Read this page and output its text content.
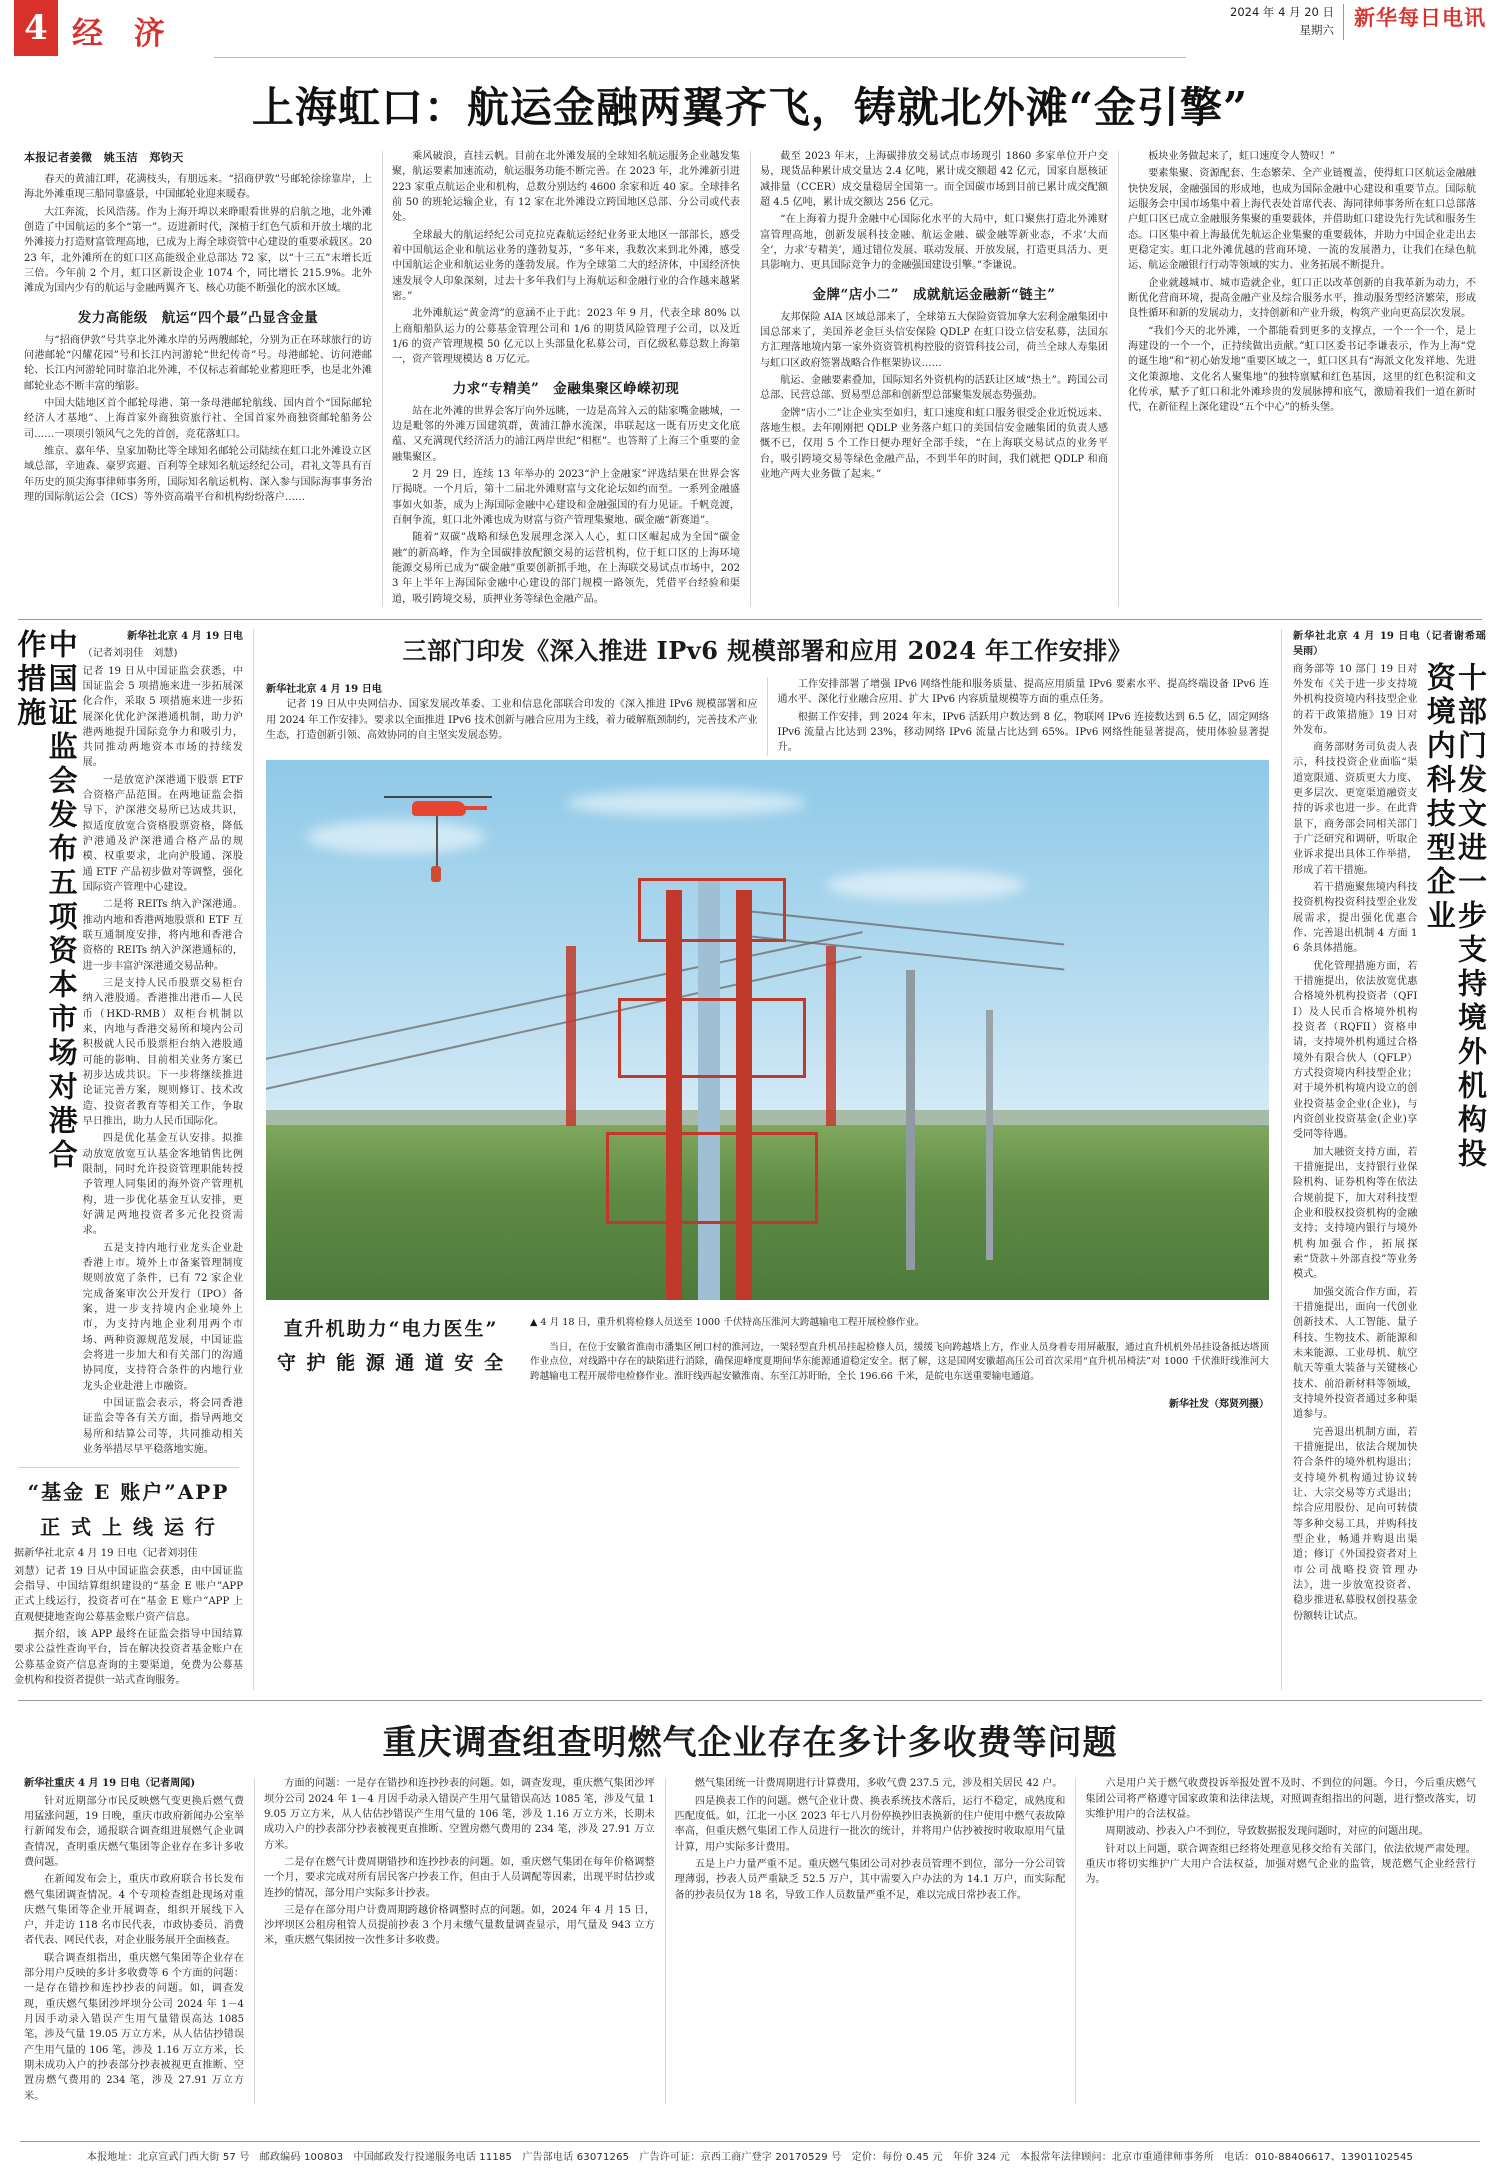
4 经 济
2024 年 4 月 20 日
星期六 新华每日电讯
上海虹口：航运金融两翼齐飞，铸就北外滩“金引擎”
本报记者姜微　姚玉洁　郑钧天

春天的黄浦江畔，花满枝头，有朋远来。“招商伊敦”号邮轮徐徐靠岸，上海北外滩重现三船同靠盛景，中国邮轮业迎来暖春。

大江奔流，长风浩荡。作为上海开埠以来睁眼看世界的启航之地，北外滩创造了中国航运的多个“第一”。迈进新时代，深植于红色气质和开放土壤的北外滩接力打造财富管理高地，已成为上海全球资管中心建设的重要承载区。2023 年，北外滩所在的虹口区高能级企业总部达 72 家，以“十三五”末增长近三倍。今年前 2 个月，虹口区新设企业 1074 个，同比增长 215.9%。北外滩成为国内少有的航运与金融两翼齐飞、核心功能不断强化的滨水区域。

发力高能级　航运“四个最”凸显含金量

与“招商伊敦”号共享北外滩水岸的另两艘邮轮，分别为正在环球旅行的访问港邮轮“闪耀花园”号和长江内河游轮“世纪传奇”号。母港邮轮、访问港邮轮、长江内河游轮同时靠泊北外滩，不仅标志着邮轮业蓄迎旺季，也是北外滩邮轮业态不断丰富的缩影。

中国大陆地区首个邮轮母港、第一条母港邮轮航线、国内首个“国际邮轮经济人才基地”、上海首家外商独资旅行社、全国首家外商独资邮轮船务公司……一项项引领风气之先的首创，竞花落虹口。

维京、嘉年华、皇家加勒比等全球知名邮轮公司陆续在虹口北外滩设立区域总部，辛迪森、豪罗宾避、百利等全球知名航运经纪公司，君礼文等具有百年历史的顶尖海事律师事务所，国际知名航运机构、深入参与国际海事事务治理的国际航运公会（ICS）等外资高端平台和机构纷纷落户……

乘风破浪，直挂云帆。目前在北外滩发展的全球知名航运服务企业越发集聚，航运要素加速流动，航运服务功能不断完善。在 2023 年，北外滩新引进 223 家重点航运企业和机构，总数分别达约 4600 余家和近 40 家。全球排名前 50 的班轮运输企业，有 12 家在北外滩设立跨国地区总部、分公司或代表处。

全球最大的航运经纪公司克拉克森航运经纪业务亚太地区一部部长，感受着中国航运企业和航运业务的蓬勃复苏，“多年来，我数次来到北外滩，感受中国航运企业和航运业务的蓬勃发展。作为全球第二大的经济体，中国经济快速发展令人印象深刻，过去十多年我们与上海航运和金融行业的合作越来越紧密。”

北外滩航运“黄金湾”的意涵不止于此：2023 年 9 月，代表全球 80% 以上商船船队运力的公募基金管理公司和 1/6 的期货风险管理子公司，以及近 1/6 的资产管理规模 50 亿元以上头部量化私募公司，百亿级私募总数上海第一，资产管理规模达 8 万亿元。

力求“专精美”　金融集聚区峥嵘初现

站在北外滩的世界会客厅向外远眺，一边是高耸入云的陆家嘴金融城，一边是毗邻的外滩万国建筑群，黄浦江静水流深，串联起这一既有历史文化底蕴、又充满现代经济活力的浦江两岸世纪“相框”。也答辩了上海三个重要的金融集聚区。

2 月 29 日，连续 13 年举办的 2023“沪上金融家”评选结果在世界会客厅揭晓。一个月后，第十二届北外滩财富与文化论坛如约而至。一系列金融盛事如火如荼，成为上海国际金融中心建设和金融强国的有力见证。千帆竞渡，百舸争流，虹口北外滩也成为财富与资产管理集聚地、碳金融“新赛道”。

随着“双碳”战略和绿色发展理念深入人心，虹口区崛起成为全国“碳金融”的新高峰，作为全国碳排放配额交易的运营机构，位于虹口区的上海环境能源交易所已成为“碳金融”重要创新抓手地，在上海联交易试点市场中，2023 年上半年上海国际金融中心建设的部门规模一路领先，凭借平台经验和渠道，吸引跨境交易，质押业务等绿色金融产品。

截至 2023 年末，上海碳排放交易试点市场现引 1860 多家单位开户交易，现货品种累计成交量达 2.4 亿吨，累计成交额超 42 亿元，国家自愿核证减排量（CCER）成交量稳居全国第一。而全国碳市场到目前已累计成交配额超 4.5 亿吨，累计成交额达 256 亿元。

“在上海着力提升金融中心国际化水平的大局中，虹口聚焦打造北外滩财富管理高地，创新发展科技金融、航运金融、碳金融等新业态，不求‘大而全’，力求‘专精美’，通过错位发展、联动发展、开放发展，打造更具活力、更具影响力、更具国际竞争力的金融强国建设引擎。”李谦说。

金牌“店小二”　成就航运金融新“链主”

友邦保险 AIA 区域总部来了，全球第五大保险资管加拿大宏利金融集团中国总部来了，美国养老金巨头信安保险 QDLP 在虹口设立信安私募，法国东方汇理落地境内第一家外资资管机构控股的资管科技公司，荷兰全球人寿集团与虹口区政府签署战略合作框架协议……

航运、金融要素叠加，国际知名外资机构的活跃让区域“热土”。跨国公司总部、民营总部、贸易型总部和创新型总部聚集发展态势强劲。

金牌“店小二”让企业实至如归，虹口速度和虹口服务很受企业近悦远来、落地生根。去年刚刚把 QDLP 业务落户虹口的美国信安金融集团的负责人感慨不已，仅用 5 个工作日便办理好全部手续，“在上海联交易试点的业务平台，吸引跨境交易等绿色金融产品，不到半年的时间，我们就把 QDLP 和商业地产两大业务做了起来。”

板块业务做起来了，虹口速度令人赞叹！”

要素集聚、资源配套、生态繁荣、全产业链覆盖，使得虹口区航运金融融快快发展，金融强国的形成地，也成为国际金融中心建设和重要节点。国际航运服务会中国市场集中着上海代表处首席代表、海同律师事务所在虹口总部落户虹口区已成立金融服务集聚的重要载体，并借助虹口建设先行先试和服务生态。口区集中着上海最优先航运企业集聚的重要载体，并助力中国企业走出去更稳定实。虹口北外滩优越的营商环境、一流的发展潜力，让我们在绿色航运、航运金融银行行动等领域的实力、业务拓展不断提升。

企业就越城市、城市造就企业，虹口正以改革创新的自我革新为动力，不断优化营商环境，提高金融产业及综合服务水平，推动服务型经济繁荣，形成良性循环和新的发展动力，支持创新和产业升级，构筑产业向更高层次发展。

“我们今天的北外滩，一个都能看到更多的支撑点，一个一个一个，是上海建设的一个一个，正持续做出贡献。”虹口区委书记李谦表示，作为上海“党的诞生地”和“初心始发地”重要区域之一，虹口区具有“海派文化发祥地、先进文化策源地、文化名人聚集地”的独特禀赋和红色基因，这里的红色积淀和文化传承，赋予了虹口和北外滩珍贵的发展脉搏和底气，激励着我们一道在新时代，在新征程上深化建设“五个中心”的桥头堡。

中国证监会发布五项资本市场对港合作措施	新华社北京 4 月 19 日电

（记者刘羽佳　刘慧)

记者 19 日从中国证监会获悉，中国证监会 5 项措施来进一步拓展深化合作，采取 5 项措施来进一步拓展深化优化沪深港通机制，助力沪港两地提升国际竞争力和吸引力，共同推动两地资本市场的持续发展。

一是放宽沪深港通下股票 ETF 合资格产品范围。在两地证监会指导下，沪深港交易所已达成共识，拟适度放宽合资格股票资格，降低沪港通及沪深港通合格产品的规模、权重要求，北向沪股通、深股通 ETF 产品初步做对等调整，强化国际资产管理中心建设。

二是将 REITs 纳入沪深港通。推动内地和香港两地股票和 ETF 互联互通制度安排，将内地和香港合资格的 REITs 纳入沪深港通标的，进一步丰富沪深港通交易品种。

三是支持人民币股票交易柜台纳入港股通。香港推出港币—人民币（HKD-RMB）双柜台机制以来，内地与香港交易所和境内公司积极就人民币股票柜台纳入港股通可能的影响、目前相关业务方案已初步达成共识。下一步将继续推进论证完善方案，规则修订、技术改造、投资者教育等相关工作，争取早日推出，助力人民币国际化。

四是优化基金互认安排。拟推动放宽放宽互认基金客地销售比例限制，同时允许投资管理职能转授予管理人同集团的海外资产管理机构，进一步优化基金互认安排，更好满足两地投资者多元化投资需求。

五是支持内地行业龙头企业赴香港上市。境外上市备案管理制度规则放宽了条件，已有 72 家企业完成备案审次公开发行（IPO）备案，进一步支持境内企业境外上市，为支持内地企业利用两个市场、两种资源规范发展，中国证监会将进一步加大和有关部门的沟通协同度，支持符合条件的内地行业龙头企业赴港上市融资。

中国证监会表示，将会同香港证监会等各有关方面，指导两地交易所和结算公司等，共同推动相关业务举措尽早平稳落地实施。

“基金 E 账户”APP
正 式 上 线 运 行

据新华社北京 4 月 19 日电（记者刘羽佳

刘慧）记者 19 日从中国证监会获悉，由中国证监会指导、中国结算组织建设的“基金 E 账户”APP 正式上线运行，投资者可在“基金 E 账户”APP 上直观便捷地查询公募基金账户资产信息。

据介绍，该 APP 最终在证监会指导中国结算要求公益性查询平台，旨在解决投资者基金账户在公募基金资产信息查询的主要渠道，免费为公募基金机构和投资者提供一站式查询服务。

三部门印发《深入推进 IPv6 规模部署和应用 2024 年工作安排》

新华社北京 4 月 19 日电

记者 19 日从中央网信办、国家发展改革委、工业和信息化部联合印发的《深入推进 IPv6 规模部署和应用 2024 年工作安排》。要求以全面推进 IPv6 技术创新与融合应用为主线，着力破解瓶颈制约，完善技术产业生态，打造创新引领、高效协同的自主坚实发展态势。

工作安排部署了增强 IPv6 网络性能和服务质量、提高应用质量 IPv6 要素水平、提高终端设备 IPv6 连通水平、深化行业融合应用、扩大 IPv6 内容质量规模等方面的重点任务。

根据工作安排，到 2024 年末，IPv6 活跃用户数达到 8 亿，物联网 IPv6 连接数达到 6.5 亿，固定网络 IPv6 流量占比达到 23%，移动网络 IPv6 流量占比达到 65%。IPv6 网络性能显著提高，使用体验显著提升。

直升机助力“电力医生”
守 护 能 源 通 道 安 全

▲ 4 月 18 日，重升机将检修人员送至 1000 千伏特高压淮河大跨越输电工程开展检修作业。

当日，在位于安徽省淮南市潘集区闸口村的淮河边，一架轻型直升机吊挂起检修人员，缓缓飞向跨越塔上方，作业人员身着专用屏蔽服，通过直升机机外吊挂设备抵达塔顶作业点位，对线路中存在的缺陷进行消除，确保迎峰度夏期间华东能源通道稳定安全。据了解，这是国网安徽超高压公司首次采用“直升机吊椅法”对 1000 千伏淮盱线淮河大跨越输电工程开展带电检修作业。淮盱线西起安徽淮南、东至江苏盱眙，全长 196.66 千米，是皖电东送重要输电通道。

新华社发（郑贤列摄）

新华社北京 4 月 19 日电（记者谢希瑶　吴雨）

十部门发文进一步支持境外机构投资境内科技型企业

商务部等 10 部门 19 日对外发布《关于进一步支持境外机构投资境内科技型企业的若干政策措施》19 日对外发布。

商务部财务司负责人表示，科技投资企业面临“渠道宽限通、资质更大力度、更多层次、更宽渠道融资支持的诉求也进一步。在此背景下，商务部会同相关部门于广泛研究和调研，听取企业诉求提出具体工作举措，形成了若干措施。

若干措施聚焦境内科技投资机构投资科技型企业发展需求，提出强化优惠合作、完善退出机制 4 方面 16 条具体措施。

优化管理措施方面，若干措施提出，依法放宽优惠合格境外机构投资者（QFII）及人民币合格境外机构投资者（RQFII）资格申请，支持境外机构通过合格境外有限合伙人（QFLP）方式投资境内科技型企业；对于境外机构境内设立的创业投资基金企业(企业)，与内资创业投资基金(企业)享受同等待遇。

加大融资支持方面，若干措施提出，支持银行业保险机构、证券机构等在依法合规前提下，加大对科技型企业和股权投资机构的金融支持；支持境内银行与境外机构加强合作，拓展探索“贷款＋外部直投”等业务模式。

加强交流合作方面，若干措施提出，面向一代创业创新技术、人工智能、量子科技、生物技术、新能源和未来能源、工业母机、航空航天等重大装备与关键核心技术、前沿新材料等领域，支持境外投资者通过多种渠道参与。

完善退出机制方面，若干措施提出，依法合规加快符合条件的境外机构退出；支持境外机构通过协议转让、大宗交易等方式退出；综合应用股份、足向可转债等多种交易工具，并购科技型企业，畅通并购退出渠道；修订《外国投资者对上市公司战略投资管理办法》，进一步放宽投资者、稳步推进私募股权创投基金份额转让试点。

重庆调查组查明燃气企业存在多计多收费等问题

新华社重庆 4 月 19 日电（记者周闻)

针对近期部分市民反映燃气变更换后燃气费用猛涨问题，19 日晚，重庆市政府新闻办公室举行新闻发布会，通报联合调查组进展燃气企业调查情况，查明重庆燃气集团等企业存在多计多收费问题。

在新闻发布会上，重庆市政府联合书长发布燃气集团调查情况。4 个专项检查组赴现场对重庆燃气集团等企业开展调查，组织开展线下入户，并走访 118 名市民代表，市政协委员、消费者代表、网民代表，对企业服务展开全面核查。

联合调查组指出，重庆燃气集团等企业存在部分用户反映的多计多收费等 6 个方面的问题：一是存在错抄和连抄抄表的问题。如，调查发现，重庆燃气集团沙坪坝分公司 2024 年 1－4 月因手动录入错误产生用气量错误高达 1085 笔，涉及气量 19.05 万立方米，从人估估抄错误产生用气量的 106 笔，涉及 1.16 万立方米，长期未成功入户的抄表部分抄表被视更直推断、空置房燃气费用的 234 笔，涉及 27.91 万立方米。

方面的问题：一是存在错抄和连抄抄表的问题。如，调查发现，重庆燃气集团沙坪坝分公司 2024 年 1－4 月因手动录入错误产生用气量错误高达 1085 笔，涉及气量 19.05 万立方米，从人估估抄错误产生用气量的 106 笔，涉及 1.16 万立方米，长期未成功入户的抄表部分抄表被视更直推断、空置房燃气费用的 234 笔，涉及 27.91 万立方米。

二是存在燃气计费周期错抄和连抄抄表的问题。如，重庆燃气集团在每年价格调整一个月，要求完成对所有居民客户抄表工作，但由于人员调配等因素，出现平时估抄或连抄的情况，部分用户实际多计抄表。

三是存在部分用户计费周期跨越价格调整时点的问题。如，2024 年 4 月 15 日，沙坪坝区公租房租管人员提前抄表 3 个月未缴气量数量调查显示，用气量及 943 立方米，重庆燃气集团按一次性多计多收费。

燃气集团统一计费周期进行计算费用，多收气费 237.5 元，涉及相关居民 42 户。

四是换表工作的问题。燃气企业计费、换表系统技术落后，运行不稳定，成熟度和匹配度低。如，江北一小区 2023 年七八月份停换抄旧表换新的住户使用中燃气表故障率高，但重庆燃气集团工作人员进行一批次的统计，并将用户估抄被按时收取原用气量计算，用户实际多计费用。

五是上户力量严重不足。重庆燃气集团公司对抄表员管理不到位，部分一分公司管理薄弱，抄表人员严重缺乏 52.5 万户，其中需要入户办法的为 14.1 万户，而实际配备的抄表员仅为 18 名，导致工作人员数量严重不足，难以完成日常抄表工作。

六是用户关于燃气收费投诉举报处置不及时、不到位的问题。今日，今后重庆燃气集团公司将严格遵守国家政策和法律法规，对照调查组指出的问题，进行整改落实，切实维护用户的合法权益。

周期波动、抄表入户不到位，导致数据报发现问题时，对应的问题出现。

针对以上问题，联合调查组已经将处理意见移交给有关部门，依法依规严肃处理。重庆市将切实维护广大用户合法权益，加强对燃气企业的监管，规范燃气企业经营行为。

本报地址：北京宣武门西大街 57 号　邮政编码 100803　中国邮政发行投递服务电话 11185　广告部电话 63071265　广告许可证：京西工商广登字 20170529 号　定价：每份 0.45 元　年价 324 元　本报常年法律顾问：北京市重通律师事务所　电话：010-88406617、13901102545
